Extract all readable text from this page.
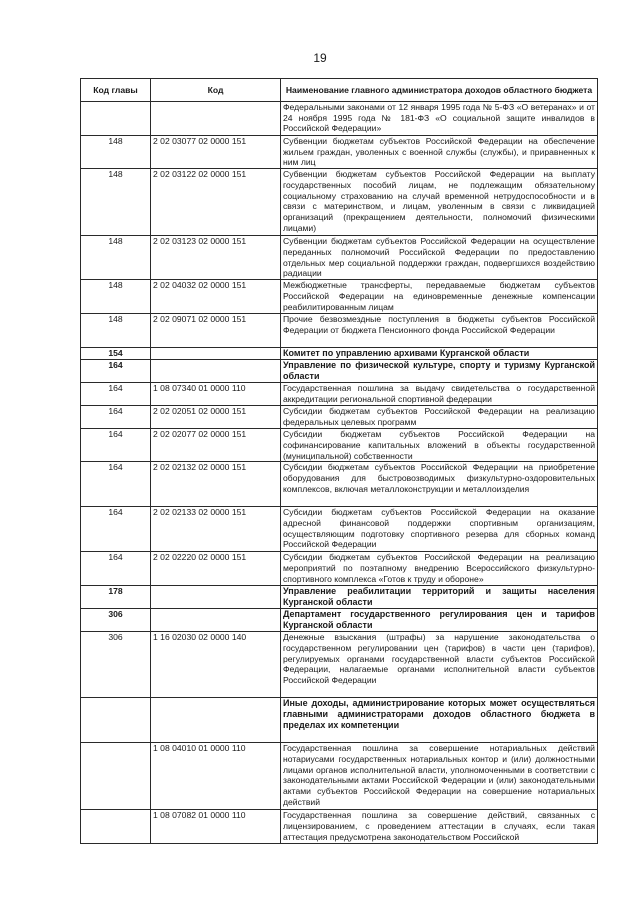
19
Код главы	Код	Наименование главного администратора доходов областного бюджета
		Федеральными законами от 12 января 1995 года № 5-ФЗ «О ветеранах» и от 24 ноября 1995 года № 181-ФЗ «О социальной защите инвалидов в Российской Федерации»
148	2 02 03077 02 0000 151	Субвенции бюджетам субъектов Российской Федерации на обеспечение жильем граждан, уволенных с военной службы (службы), и приравненных к ним лиц
148	2 02 03122 02 0000 151	Субвенции бюджетам субъектов Российской Федерации на выплату государственных пособий лицам, не подлежащим обязательному социальному страхованию на случай временной нетрудоспособности и в связи с материнством, и лицам, уволенным в связи с ликвидацией организаций (прекращением деятельности, полномочий физическими лицами)
148	2 02 03123 02 0000 151	Субвенции бюджетам субъектов Российской Федерации на осуществление переданных полномочий Российской Федерации по предоставлению отдельных мер социальной поддержки граждан, подвергшихся воздействию радиации
148	2 02 04032 02 0000 151	Межбюджетные трансферты, передаваемые бюджетам субъектов Российской Федерации на единовременные денежные компенсации реабилитированным лицам
148	2 02 09071 02 0000 151	Прочие безвозмездные поступления в бюджеты субъектов Российской Федерации от бюджета Пенсионного фонда Российской Федерации
154		Комитет по управлению архивами Курганской области
164		Управление по физической культуре, спорту и туризму Курганской области
164	1 08 07340 01 0000 110	Государственная пошлина за выдачу свидетельства о государственной аккредитации региональной спортивной федерации
164	2 02 02051 02 0000 151	Субсидии бюджетам субъектов Российской Федерации на реализацию федеральных целевых программ
164	2 02 02077 02 0000 151	Субсидии бюджетам субъектов Российской Федерации на софинансирование капитальных вложений в объекты государственной (муниципальной) собственности
164	2 02 02132 02 0000 151	Субсидии бюджетам субъектов Российской Федерации на приобретение оборудования для быстровозводимых физкультурно-оздоровительных комплексов, включая металлоконструкции и металлоизделия
164	2 02 02133 02 0000 151	Субсидии бюджетам субъектов Российской Федерации на оказание адресной финансовой поддержки спортивным организациям, осуществляющим подготовку спортивного резерва для сборных команд Российской Федерации
164	2 02 02220 02 0000 151	Субсидии бюджетам субъектов Российской Федерации на реализацию мероприятий по поэтапному внедрению Всероссийского физкультурно-спортивного комплекса «Готов к труду и обороне»
178		Управление реабилитации территорий и защиты населения Курганской области
306		Департамент государственного регулирования цен и тарифов Курганской области
306	1 16 02030 02 0000 140	Денежные взыскания (штрафы) за нарушение законодательства о государственном регулировании цен (тарифов) в части цен (тарифов), регулируемых органами государственной власти субъектов Российской Федерации, налагаемые органами исполнительной власти субъектов Российской Федерации
		Иные доходы, администрирование которых может осуществляться главными администраторами доходов областного бюджета в пределах их компетенции
	1 08 04010 01 0000 110	Государственная пошлина за совершение нотариальных действий нотариусами государственных нотариальных контор и (или) должностными лицами органов исполнительной власти, уполномоченными в соответствии с законодательными актами Российской Федерации и (или) законодательными актами субъектов Российской Федерации на совершение нотариальных действий
	1 08 07082 01 0000 110	Государственная пошлина за совершение действий, связанных с лицензированием, с проведением аттестации в случаях, если такая аттестация предусмотрена законодательством Российской
